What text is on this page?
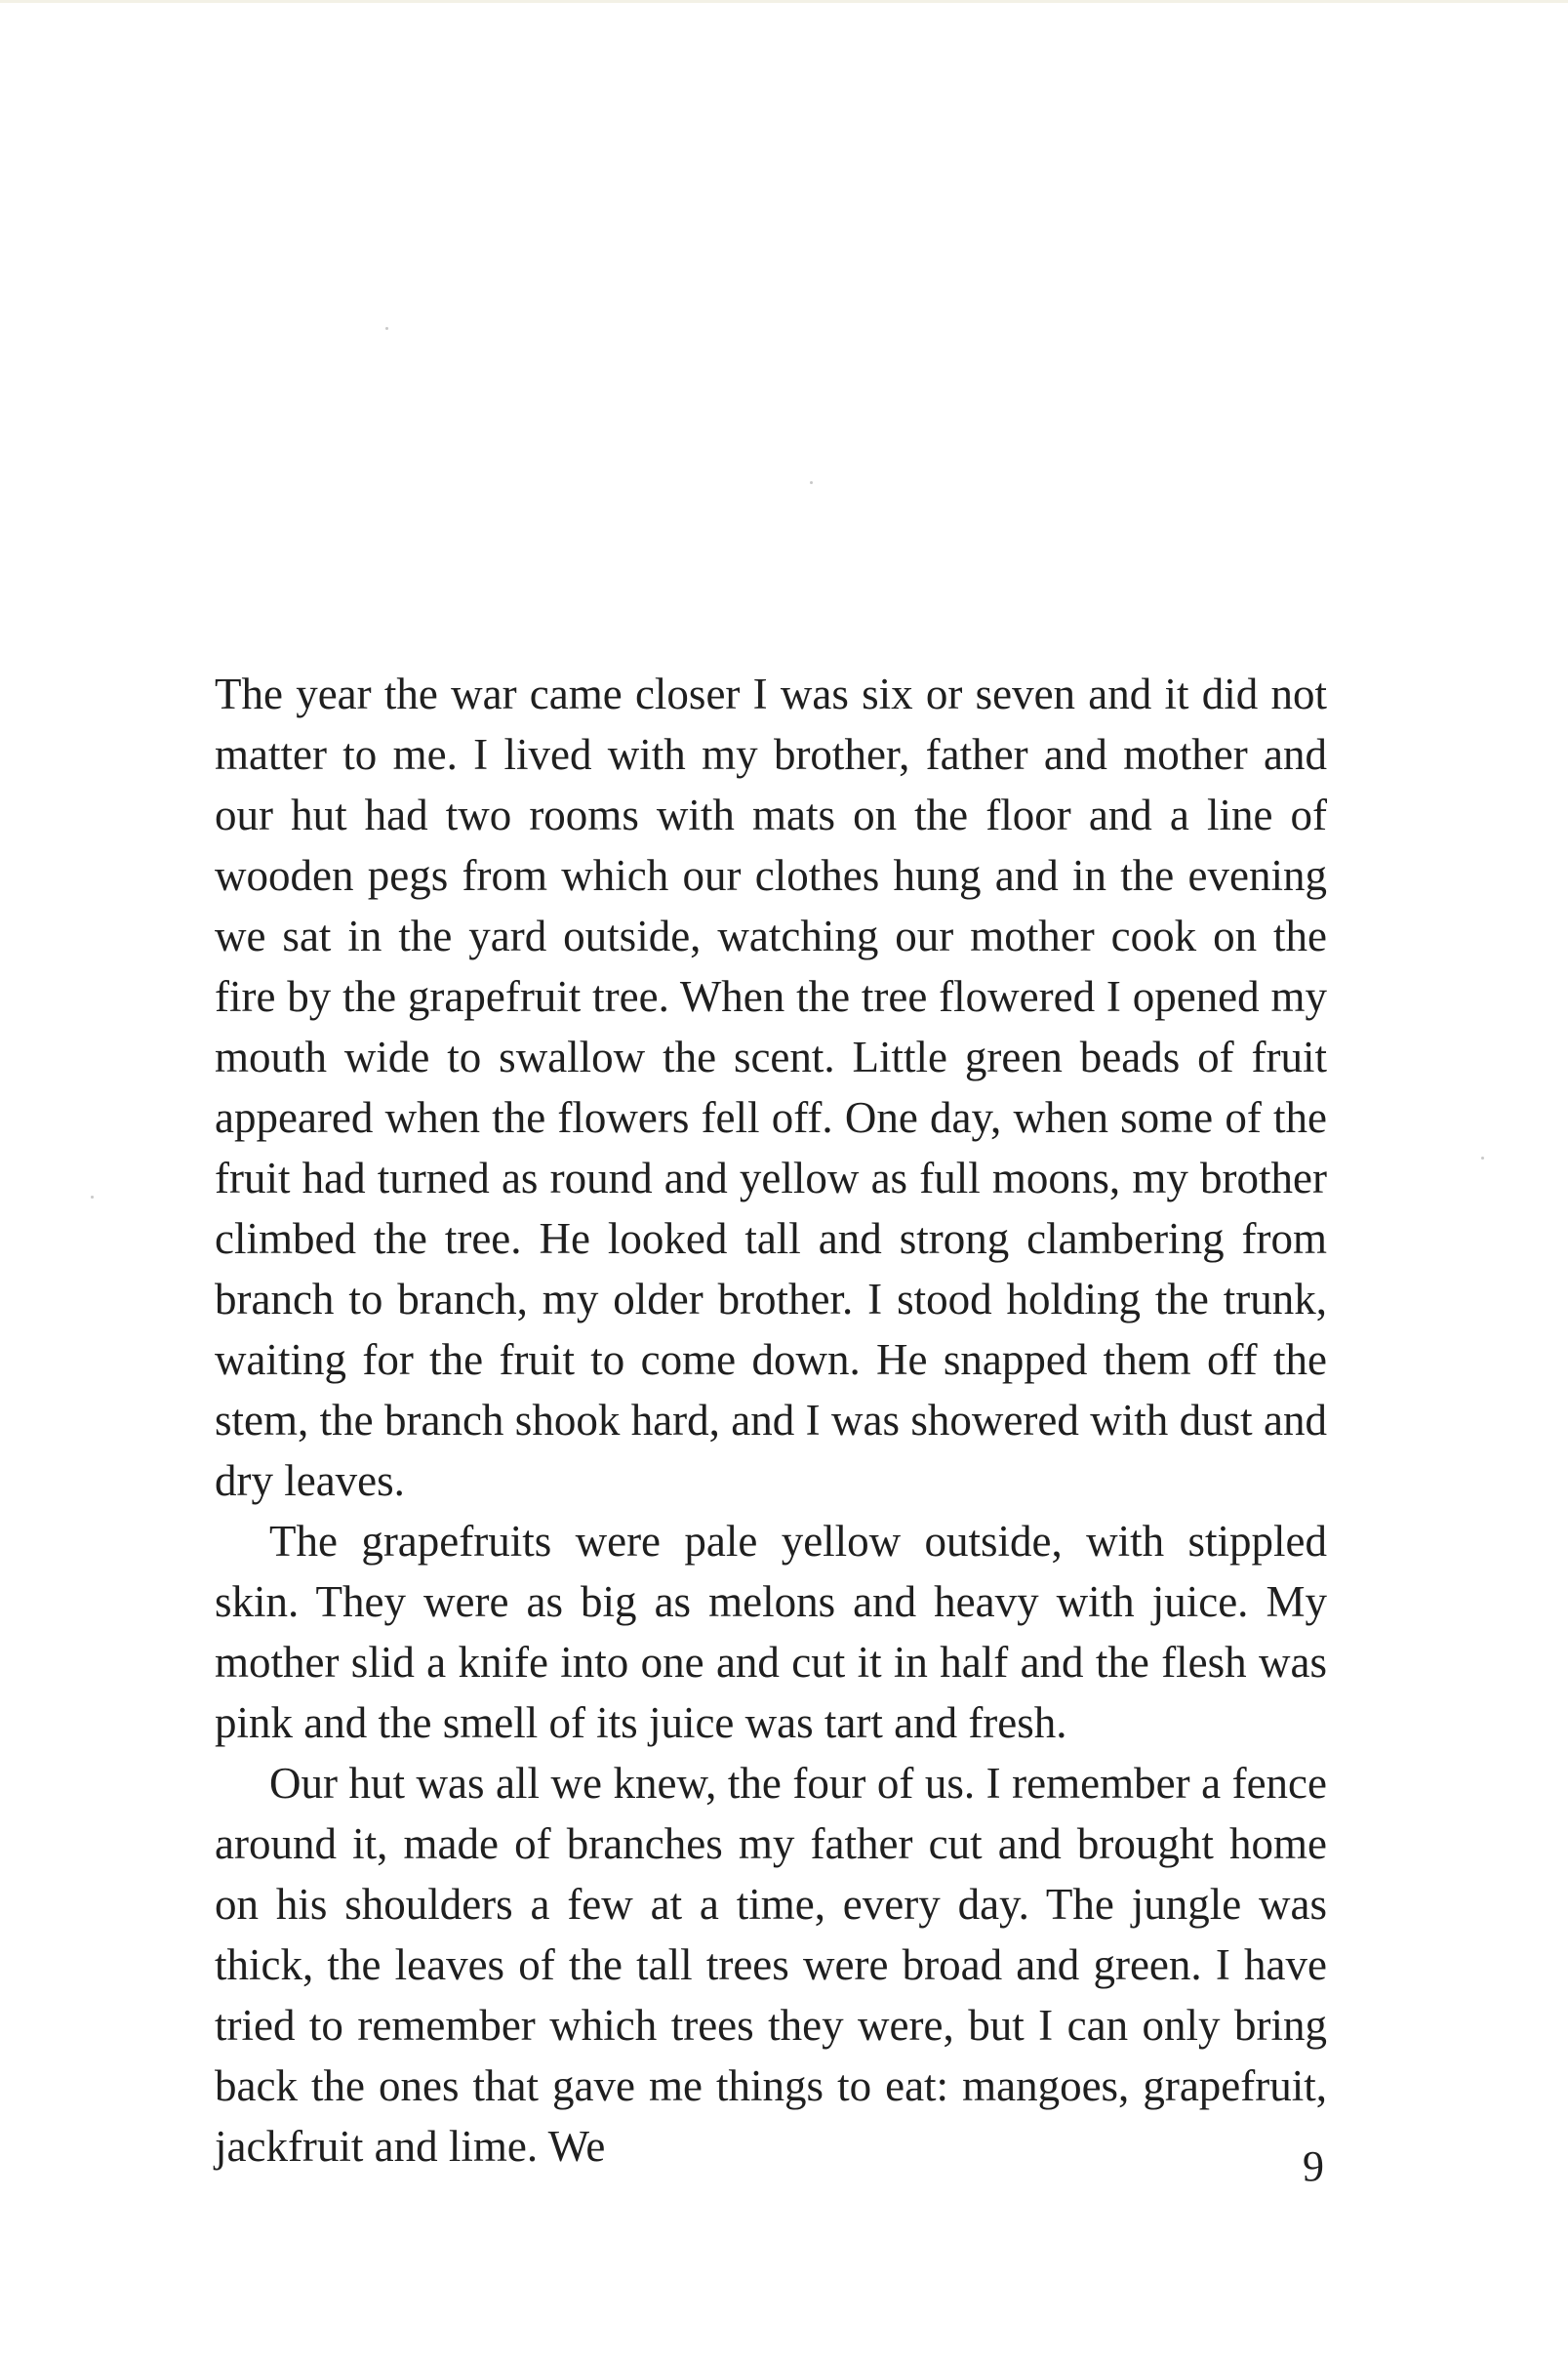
The year the war came closer I was six or seven and it did not matter to me. I lived with my brother, father and mother and our hut had two rooms with mats on the floor and a line of wooden pegs from which our clothes hung and in the evening we sat in the yard outside, watching our mother cook on the fire by the grapefruit tree. When the tree flowered I opened my mouth wide to swallow the scent. Little green beads of fruit appeared when the flowers fell off. One day, when some of the fruit had turned as round and yellow as full moons, my brother climbed the tree. He looked tall and strong clambering from branch to branch, my older brother. I stood holding the trunk, waiting for the fruit to come down. He snapped them off the stem, the branch shook hard, and I was showered with dust and dry leaves.

The grapefruits were pale yellow outside, with stippled skin. They were as big as melons and heavy with juice. My mother slid a knife into one and cut it in half and the flesh was pink and the smell of its juice was tart and fresh.

Our hut was all we knew, the four of us. I remember a fence around it, made of branches my father cut and brought home on his shoulders a few at a time, every day. The jungle was thick, the leaves of the tall trees were broad and green. I have tried to remember which trees they were, but I can only bring back the ones that gave me things to eat: mangoes, grapefruit, jackfruit and lime. We	9
